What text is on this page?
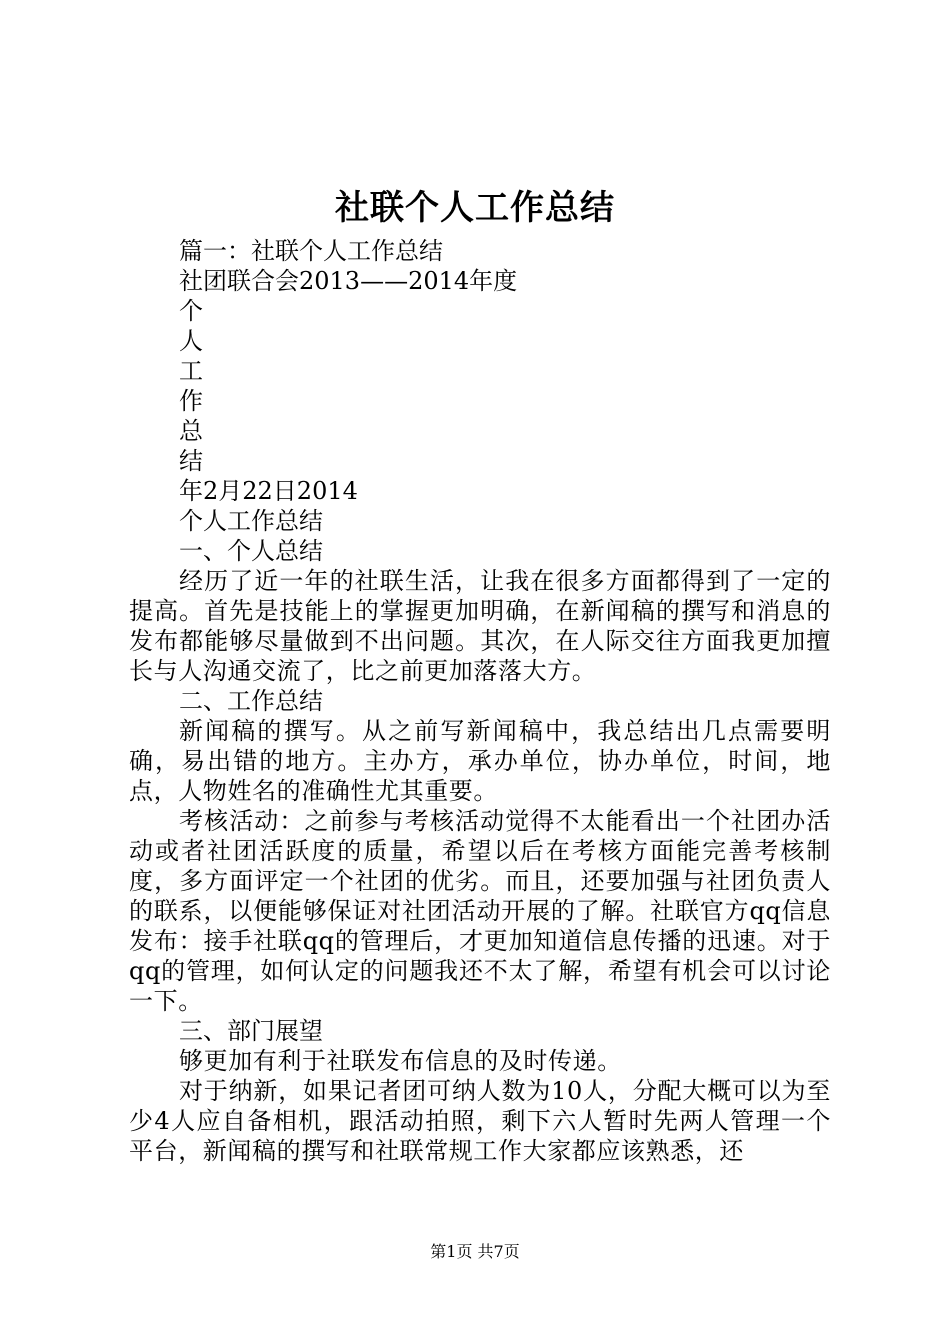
社联个人工作总结
篇一：社联个人工作总结
社团联合会2013——2014年度
个
人
工
作
总
结
年2月22日2014
个人工作总结
一、个人总结
经历了近一年的社联生活，让我在很多方面都得到了一定的提高。首先是技能上的掌握更加明确，在新闻稿的撰写和消息的发布都能够尽量做到不出问题。其次，在人际交往方面我更加擅长与人沟通交流了，比之前更加落落大方。
二、工作总结
新闻稿的撰写。从之前写新闻稿中，我总结出几点需要明确，易出错的地方。主办方，承办单位，协办单位，时间，地点，人物姓名的准确性尤其重要。
考核活动：之前参与考核活动觉得不太能看出一个社团办活动或者社团活跃度的质量，希望以后在考核方面能完善考核制度，多方面评定一个社团的优劣。而且，还要加强与社团负责人的联系，以便能够保证对社团活动开展的了解。社联官方qq信息发布：接手社联qq的管理后，才更加知道信息传播的迅速。对于qq的管理，如何认定的问题我还不太了解，希望有机会可以讨论一下。
三、部门展望
够更加有利于社联发布信息的及时传递。
对于纳新，如果记者团可纳人数为10人，分配大概可以为至少4人应自备相机，跟活动拍照，剩下六人暂时先两人管理一个平台，新闻稿的撰写和社联常规工作大家都应该熟悉，还
第1页 共7页
